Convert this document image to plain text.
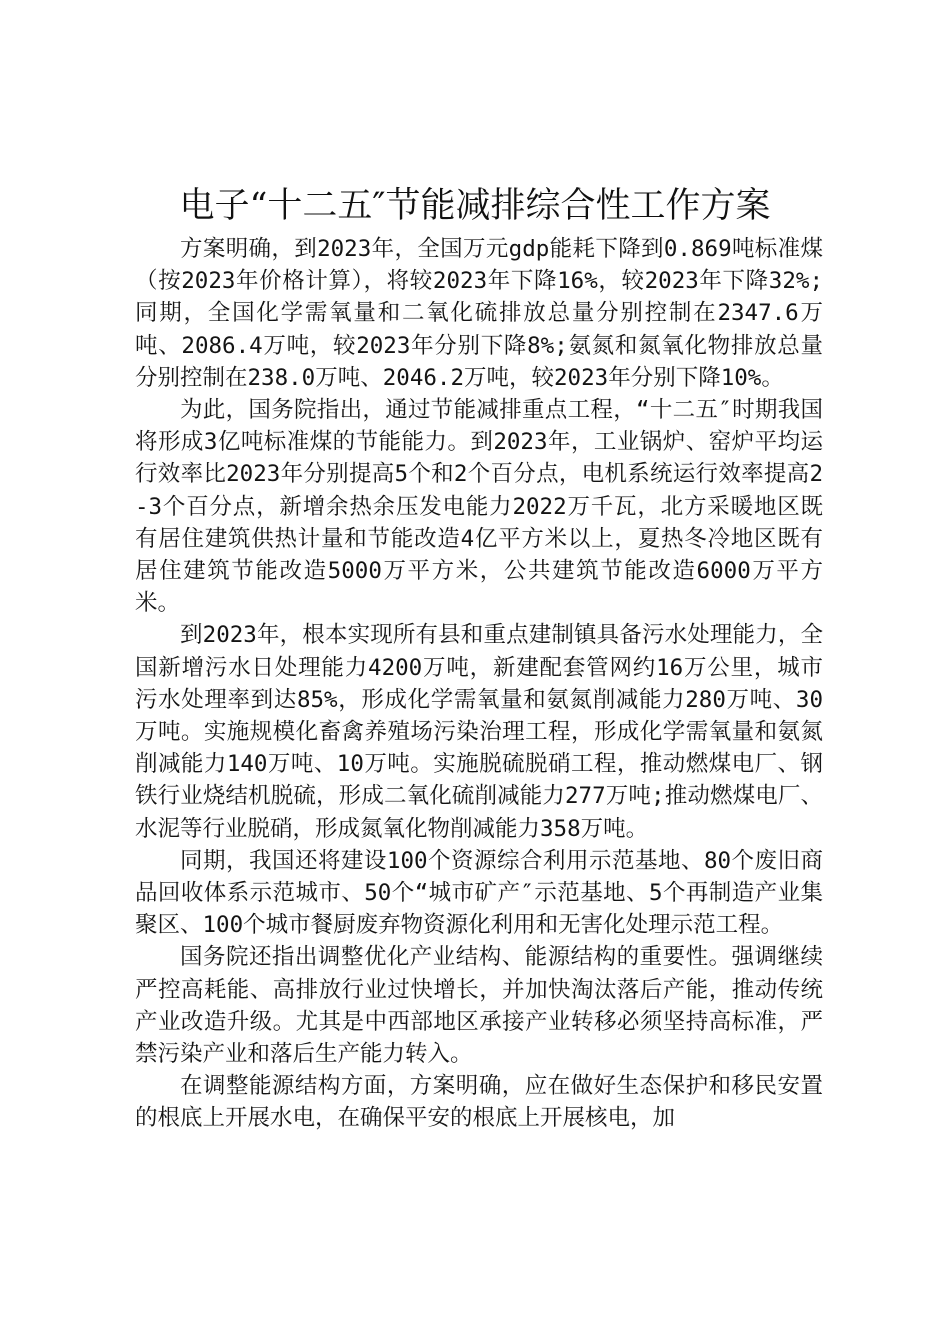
电子“十二五″节能减排综合性工作方案

方案明确，到2023年，全国万元gdp能耗下降到0.869吨标准煤（按2023年价格计算），将较2023年下降16%，较2023年下降32%;同期，全国化学需氧量和二氧化硫排放总量分别控制在2347.6万吨、2086.4万吨，较2023年分别下降8%;氨氮和氮氧化物排放总量分别控制在238.0万吨、2046.2万吨，较2023年分别下降10%。

为此，国务院指出，通过节能减排重点工程，“十二五″时期我国将形成3亿吨标准煤的节能能力。到2023年，工业锅炉、窑炉平均运行效率比2023年分别提高5个和2个百分点，电机系统运行效率提高2-3个百分点，新增余热余压发电能力2022万千瓦，北方采暖地区既有居住建筑供热计量和节能改造4亿平方米以上，夏热冬冷地区既有居住建筑节能改造5000万平方米，公共建筑节能改造6000万平方米。

到2023年，根本实现所有县和重点建制镇具备污水处理能力，全国新增污水日处理能力4200万吨，新建配套管网约16万公里，城市污水处理率到达85%，形成化学需氧量和氨氮削减能力280万吨、30万吨。实施规模化畜禽养殖场污染治理工程，形成化学需氧量和氨氮削减能力140万吨、10万吨。实施脱硫脱硝工程，推动燃煤电厂、钢铁行业烧结机脱硫，形成二氧化硫削减能力277万吨;推动燃煤电厂、水泥等行业脱硝，形成氮氧化物削减能力358万吨。

同期，我国还将建设100个资源综合利用示范基地、80个废旧商品回收体系示范城市、50个“城市矿产″示范基地、5个再制造产业集聚区、100个城市餐厨废弃物资源化利用和无害化处理示范工程。

国务院还指出调整优化产业结构、能源结构的重要性。强调继续严控高耗能、高排放行业过快增长，并加快淘汰落后产能，推动传统产业改造升级。尤其是中西部地区承接产业转移必须坚持高标准，严禁污染产业和落后生产能力转入。

在调整能源结构方面，方案明确，应在做好生态保护和移民安置的根底上开展水电，在确保平安的根底上开展核电，加
